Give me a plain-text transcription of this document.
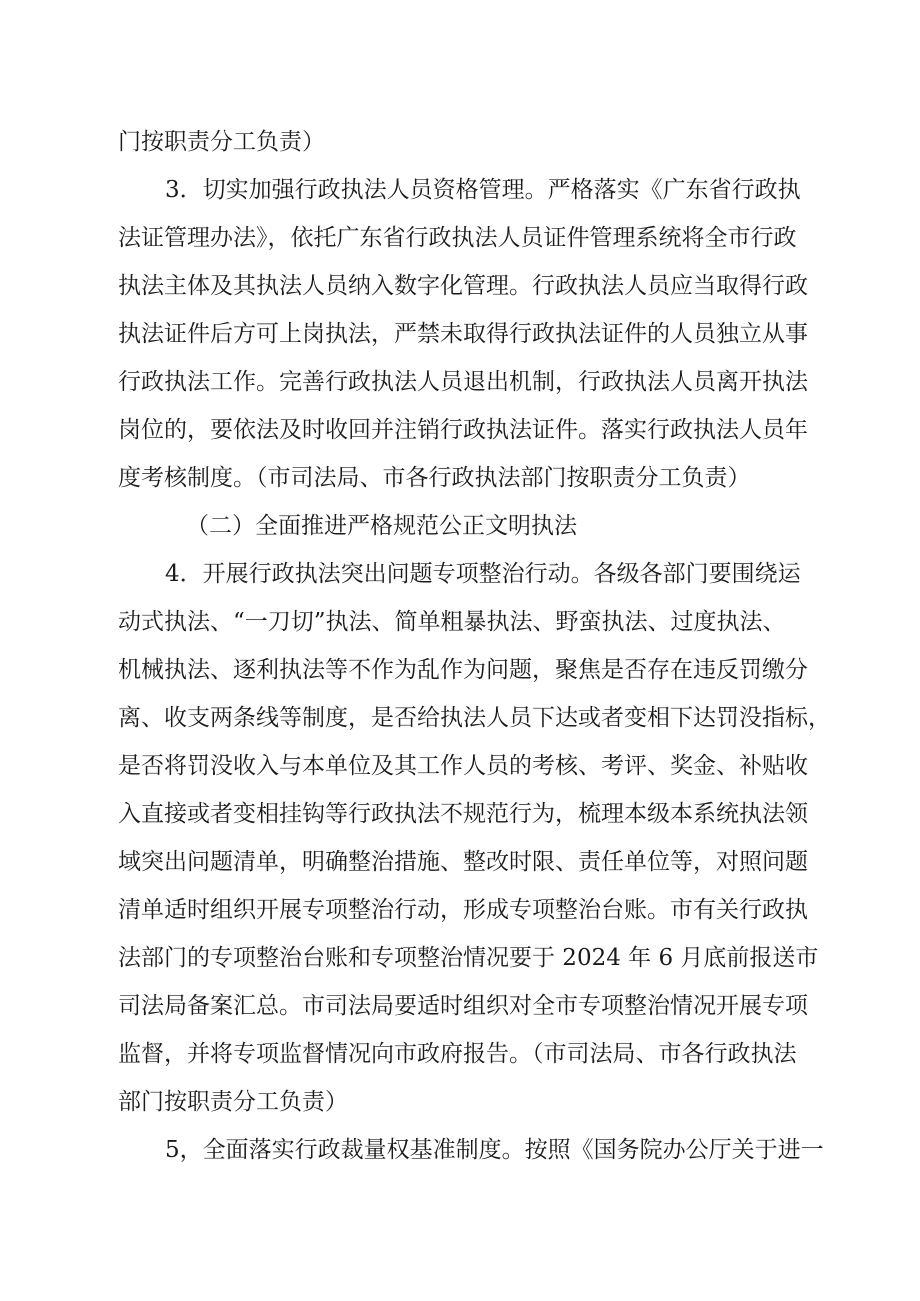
门按职责分工负责）
3．切实加强行政执法人员资格管理。严格落实《广东省行政执
法证管理办法》，依托广东省行政执法人员证件管理系统将全市行政
执法主体及其执法人员纳入数字化管理。行政执法人员应当取得行政
执法证件后方可上岗执法，严禁未取得行政执法证件的人员独立从事
行政执法工作。完善行政执法人员退出机制，行政执法人员离开执法
岗位的，要依法及时收回并注销行政执法证件。落实行政执法人员年
度考核制度。（市司法局、市各行政执法部门按职责分工负责）
（二）全面推进严格规范公正文明执法
4．开展行政执法突出问题专项整治行动。各级各部门要围绕运
动式执法、“一刀切”执法、简单粗暴执法、野蛮执法、过度执法、
机械执法、逐利执法等不作为乱作为问题，聚焦是否存在违反罚缴分
离、收支两条线等制度，是否给执法人员下达或者变相下达罚没指标，
是否将罚没收入与本单位及其工作人员的考核、考评、奖金、补贴收
入直接或者变相挂钩等行政执法不规范行为，梳理本级本系统执法领
域突出问题清单，明确整治措施、整改时限、责任单位等，对照问题
清单适时组织开展专项整治行动，形成专项整治台账。市有关行政执
法部门的专项整治台账和专项整治情况要于 2024 年 6 月底前报送市
司法局备案汇总。市司法局要适时组织对全市专项整治情况开展专项
监督，并将专项监督情况向市政府报告。（市司法局、市各行政执法
部门按职责分工负责）
5，全面落实行政裁量权基准制度。按照《国务院办公厅关于进一
